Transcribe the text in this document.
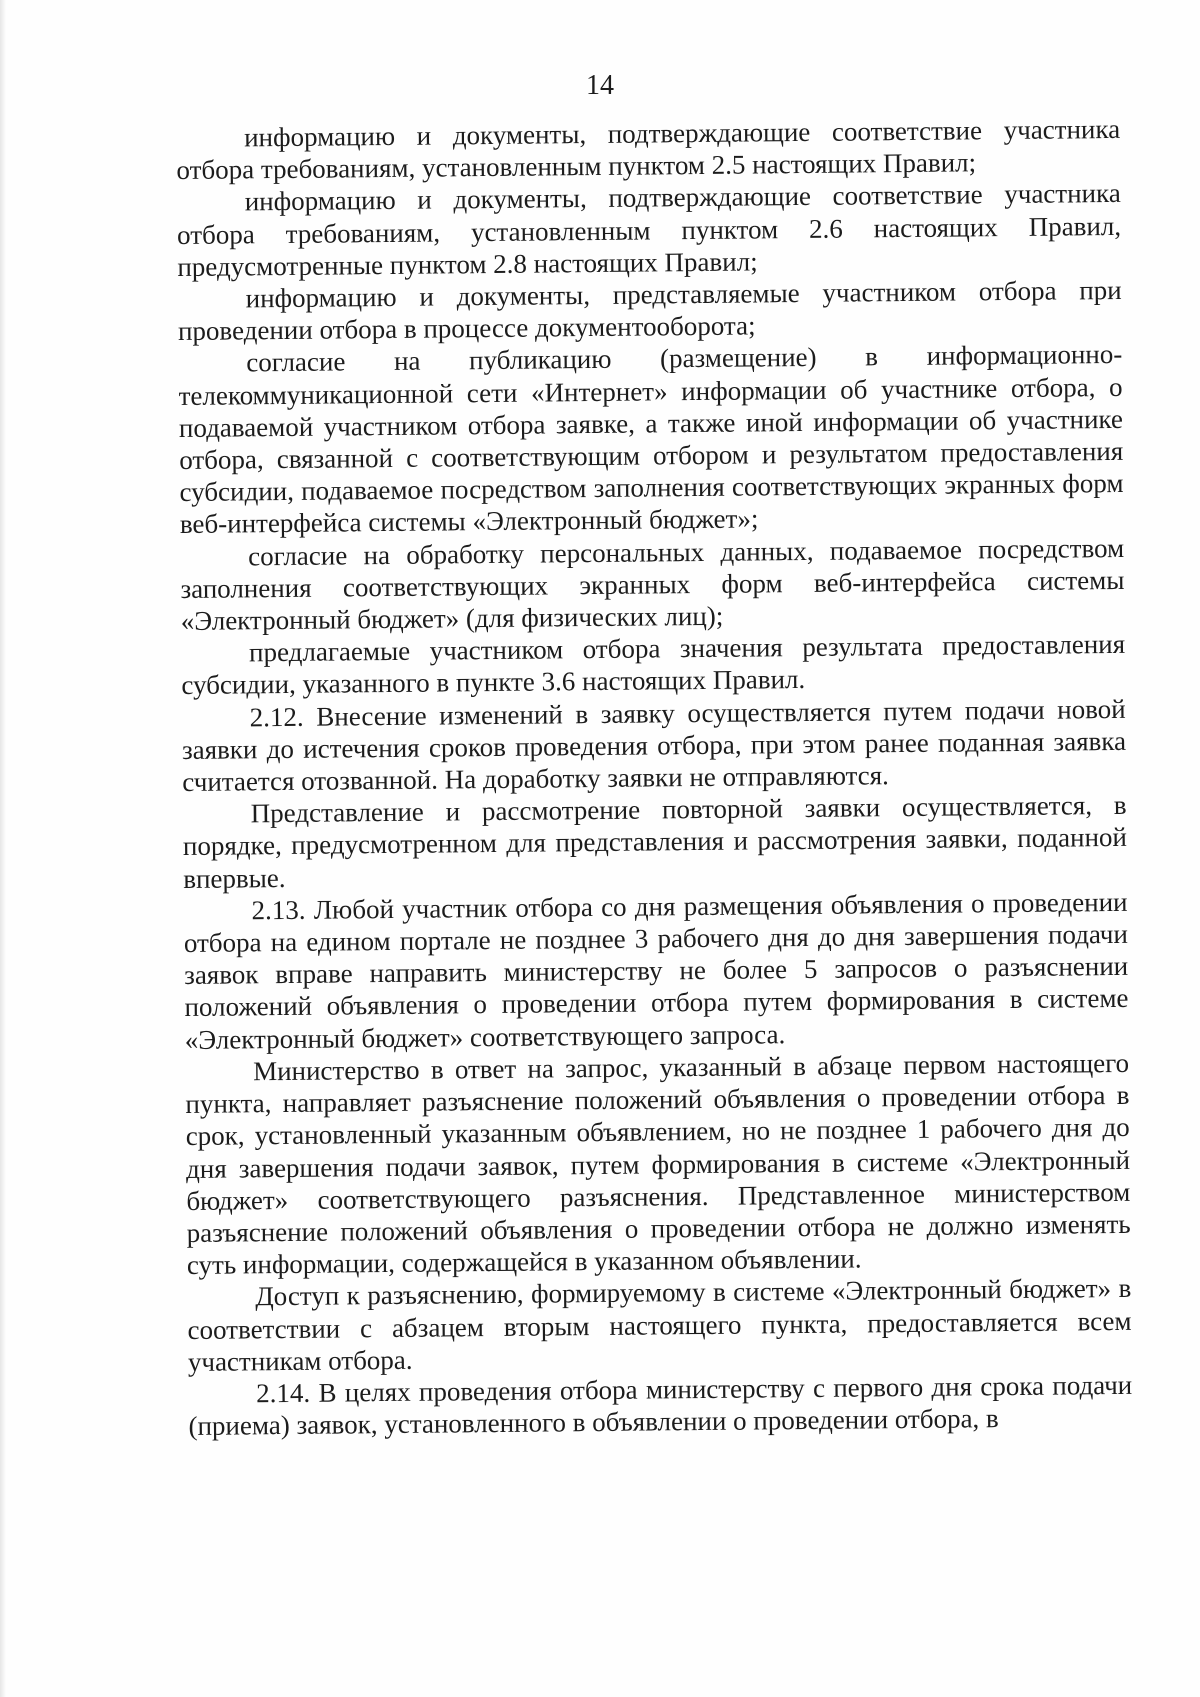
14

информацию и документы, подтверждающие соответствие участника отбора требованиям, установленным пунктом 2.5 настоящих Правил;

информацию и документы, подтверждающие соответствие участника отбора требованиям, установленным пунктом 2.6 настоящих Правил, предусмотренные пунктом 2.8 настоящих Правил;

информацию и документы, представляемые участником отбора при проведении отбора в процессе документооборота;

согласие на публикацию (размещение) в информационно-телекоммуникационной сети «Интернет» информации об участнике отбора, о подаваемой участником отбора заявке, а также иной информации об участнике отбора, связанной с соответствующим отбором и результатом предоставления субсидии, подаваемое посредством заполнения соответствующих экранных форм веб-интерфейса системы «Электронный бюджет»;

согласие на обработку персональных данных, подаваемое посредством заполнения соответствующих экранных форм веб-интерфейса системы «Электронный бюджет» (для физических лиц);

предлагаемые участником отбора значения результата предоставления субсидии, указанного в пункте 3.6 настоящих Правил.

2.12. Внесение изменений в заявку осуществляется путем подачи новой заявки до истечения сроков проведения отбора, при этом ранее поданная заявка считается отозванной. На доработку заявки не отправляются.

Представление и рассмотрение повторной заявки осуществляется, в порядке, предусмотренном для представления и рассмотрения заявки, поданной впервые.

2.13. Любой участник отбора со дня размещения объявления о проведении отбора на едином портале не позднее 3 рабочего дня до дня завершения подачи заявок вправе направить министерству не более 5 запросов о разъяснении положений объявления о проведении отбора путем формирования в системе «Электронный бюджет» соответствующего запроса.

Министерство в ответ на запрос, указанный в абзаце первом настоящего пункта, направляет разъяснение положений объявления о проведении отбора в срок, установленный указанным объявлением, но не позднее 1 рабочего дня до дня завершения подачи заявок, путем формирования в системе «Электронный бюджет» соответствующего разъяснения. Представленное министерством разъяснение положений объявления о проведении отбора не должно изменять суть информации, содержащейся в указанном объявлении.

Доступ к разъяснению, формируемому в системе «Электронный бюджет» в соответствии с абзацем вторым настоящего пункта, предоставляется всем участникам отбора.

2.14. В целях проведения отбора министерству с первого дня срока подачи (приема) заявок, установленного в объявлении о проведении отбора, в
